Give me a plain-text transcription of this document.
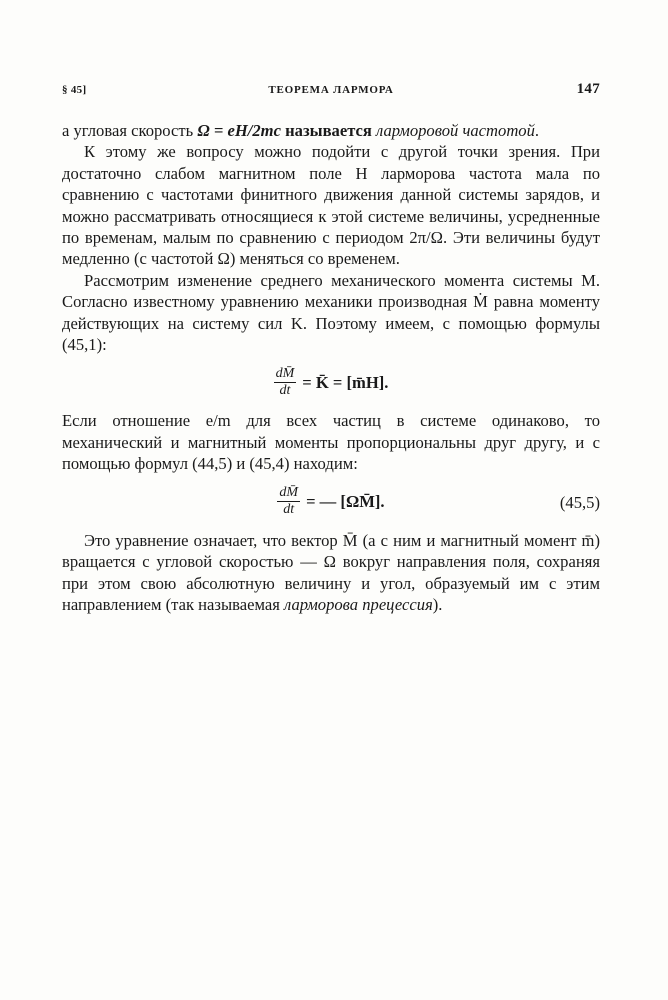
§ 45]	ТЕОРЕМА ЛАРМОРА	147

а угловая скорость Ω = eH/2mc называется ларморовой частотой.

К этому же вопросу можно подойти с другой точки зрения. При достаточно слабом магнитном поле H ларморова частота мала по сравнению с частотами финитного движения данной системы зарядов, и можно рассматривать относящиеся к этой системе величины, усредненные по временам, малым по сравнению с периодом 2π/Ω. Эти величины будут медленно (с частотой Ω) меняться со временем.

Рассмотрим изменение среднего механического момента системы M. Согласно известному уравнению механики производная Ṁ равна моменту действующих на систему сил K. Поэтому имеем, с помощью формулы (45,1):

$\frac{dM̄}{dt}$ = K̄ = [m̄H].

Если отношение e/m для всех частиц в системе одинаково, то механический и магнитный моменты пропорциональны друг другу, и с помощью формул (44,5) и (45,4) находим:

$\frac{dM̄}{dt}$ = — [ΩM̄].	(45,5)

Это уравнение означает, что вектор M̄ (а с ним и магнитный момент m̄) вращается с угловой скоростью — Ω вокруг направления поля, сохраняя при этом свою абсолютную величину и угол, образуемый им с этим направлением (так называемая ларморова прецессия).
